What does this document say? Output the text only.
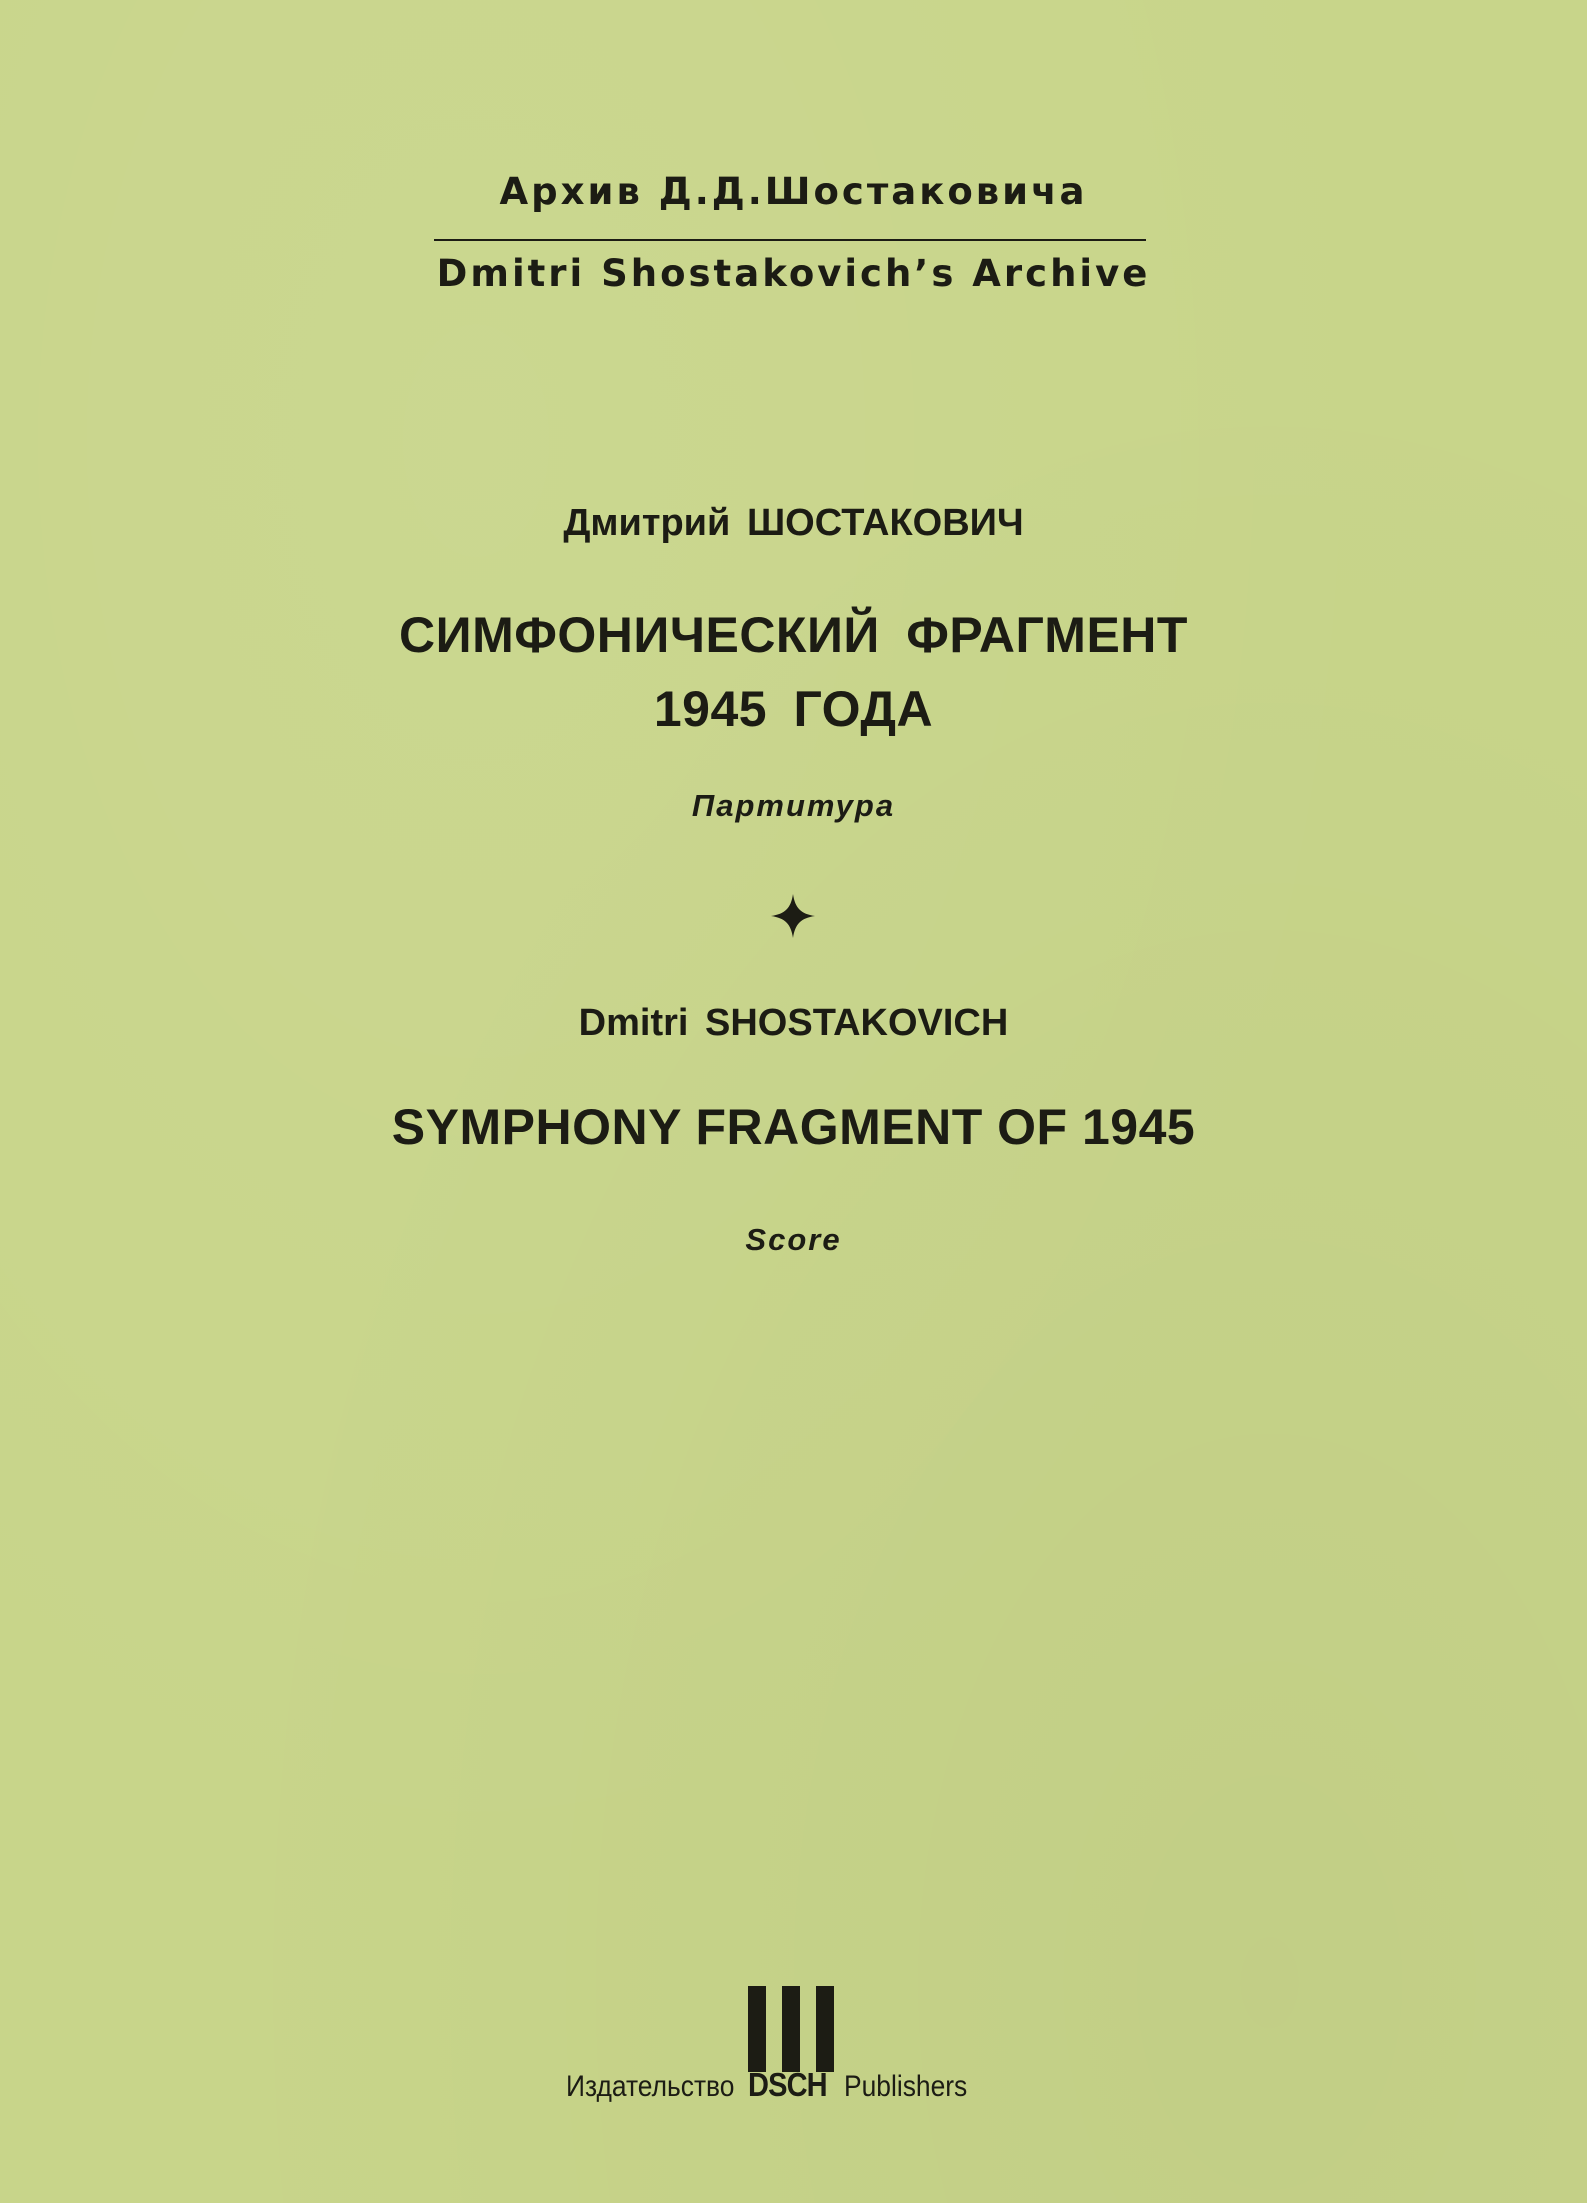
Архив Д.Д.Шостаковича
Dmitri Shostakovich’s Archive
Дмитрий ШОСТАКОВИЧ
СИМФОНИЧЕСКИЙ ФРАГМЕНТ
1945 ГОДА
Партитура
Dmitri SHOSTAKOVICH
SYMPHONY FRAGMENT OF 1945
Score
Издательство DSCH Publishers
